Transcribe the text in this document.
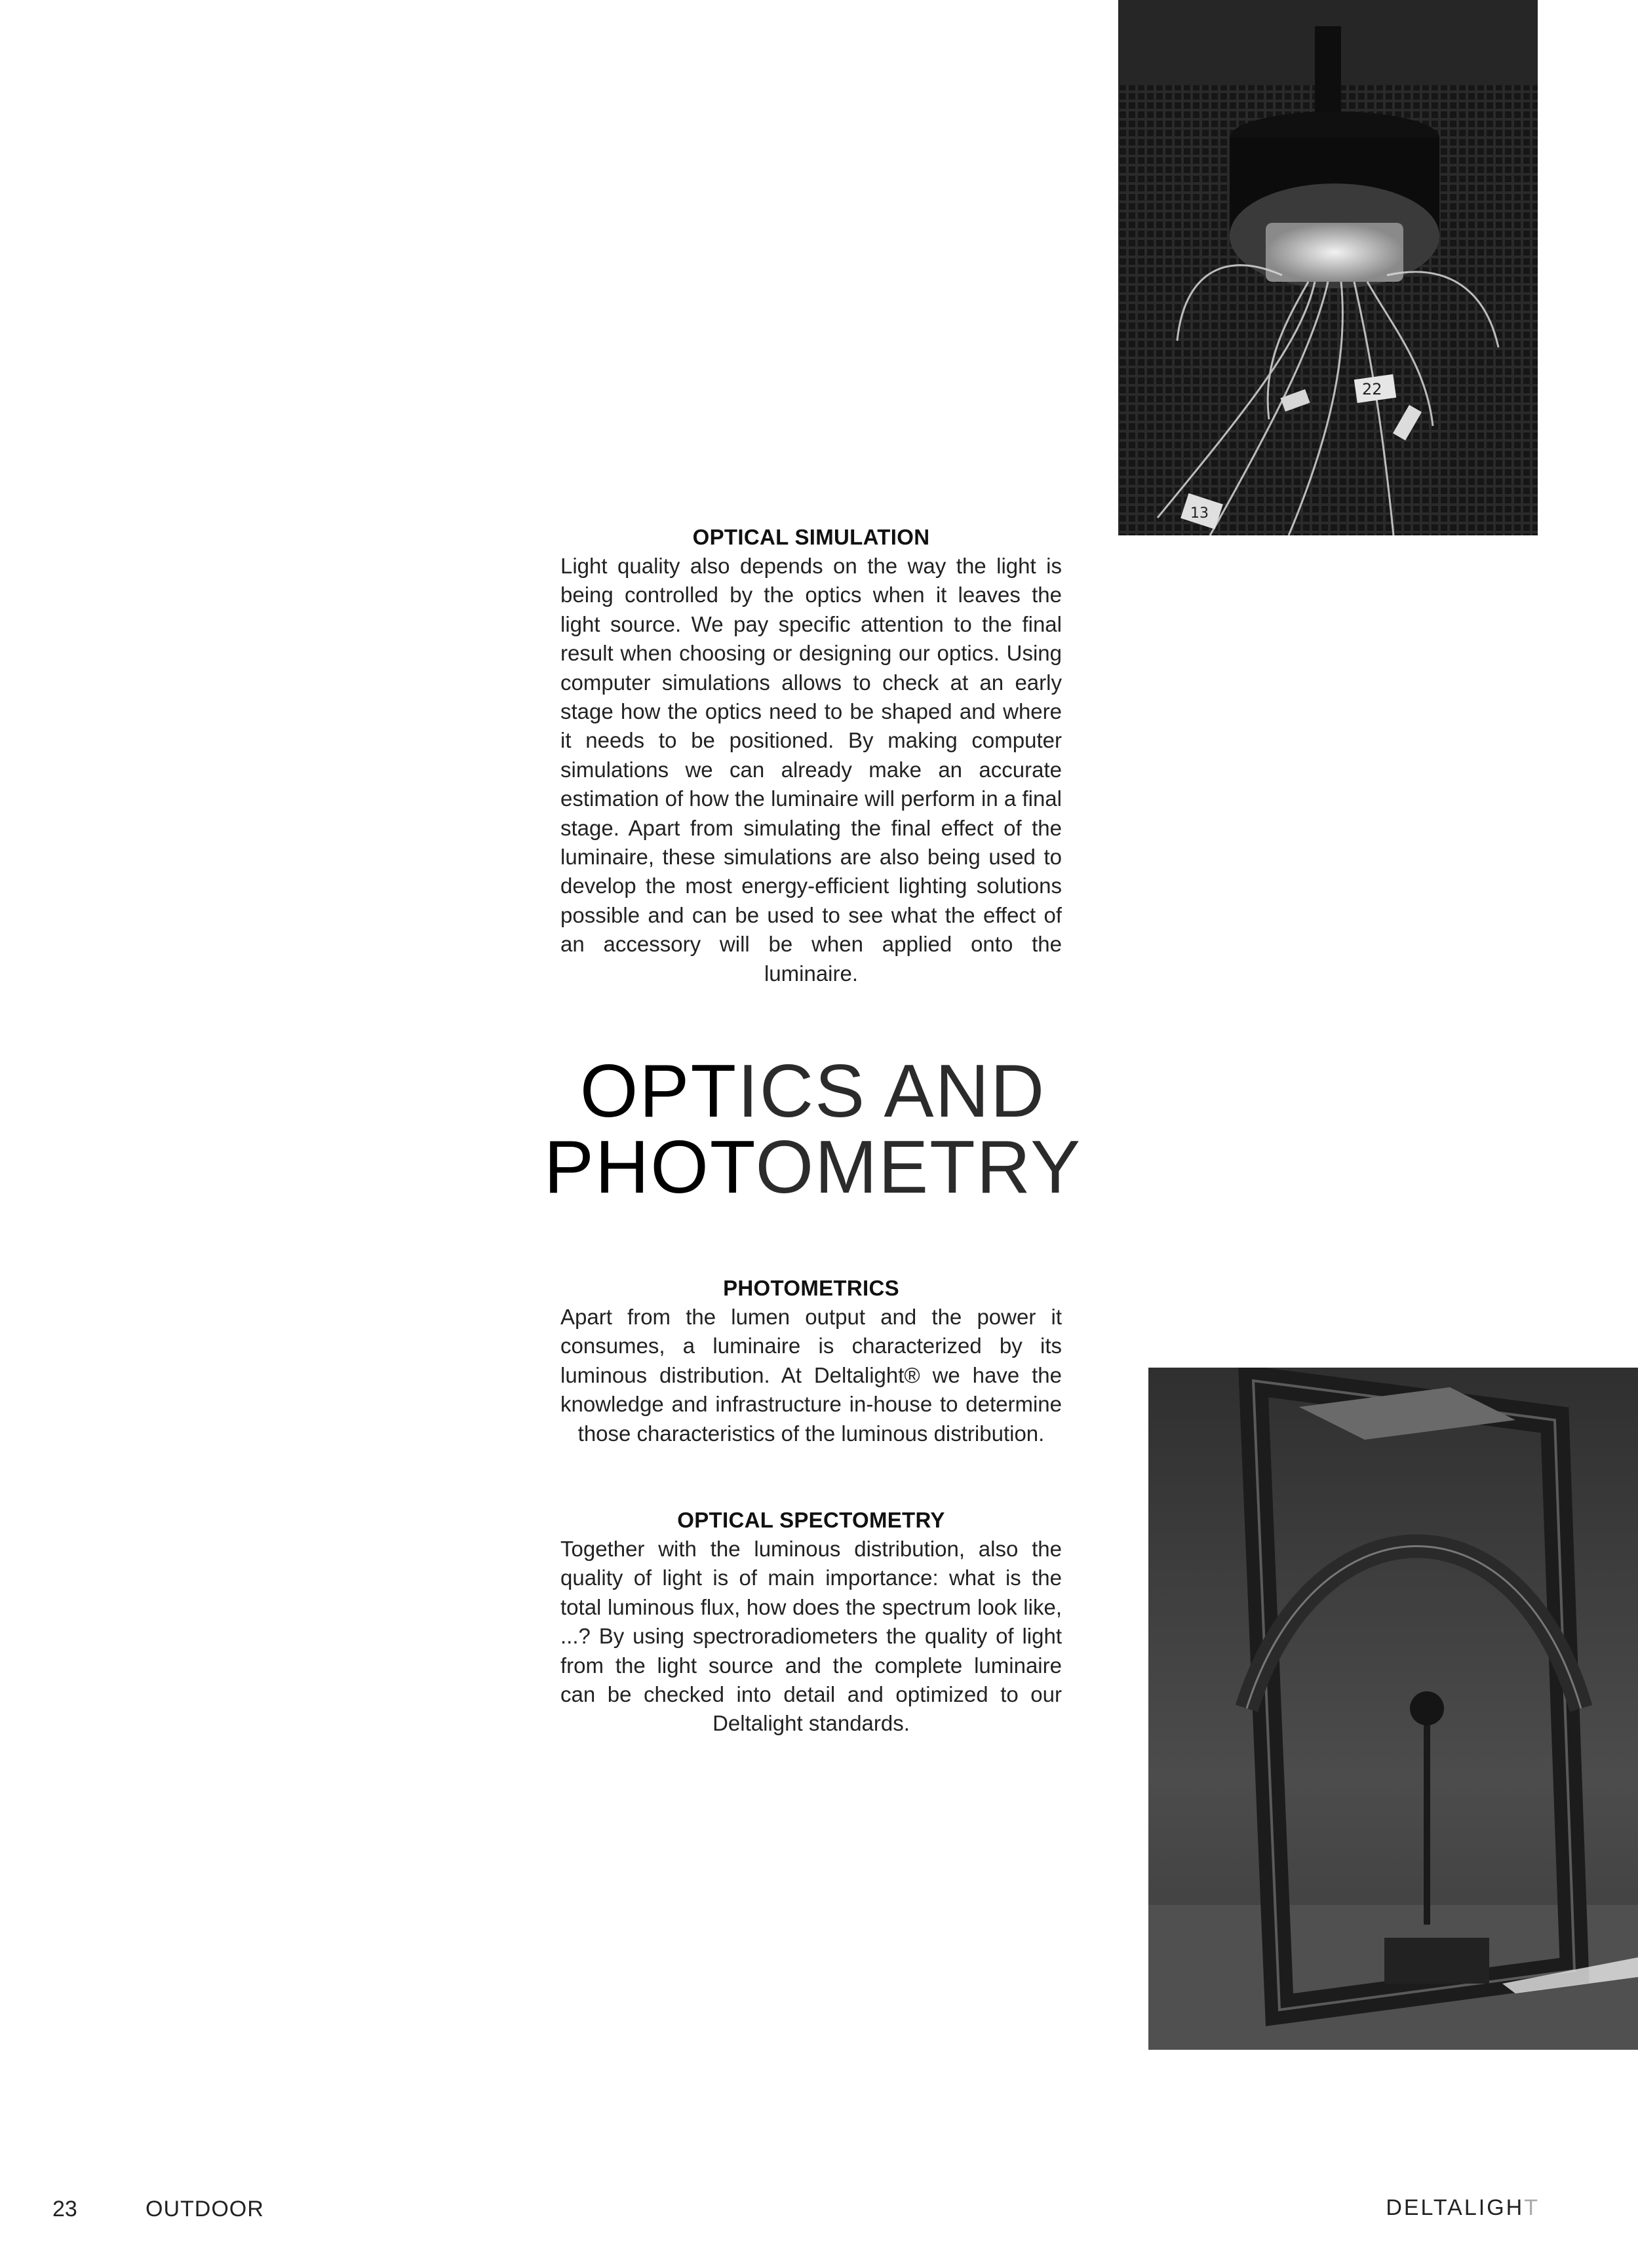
22
13
OPTICAL SIMULATION

Light quality also depends on the way the light is being controlled by the optics when it leaves the light source. We pay specific attention to the final result when choosing or designing our optics. Using computer simulations allows to check at an early stage how the optics need to be shaped and where it needs to be positioned. By making computer simulations we can already make an accurate estimation of how the luminaire will perform in a final stage. Apart from simulating the final effect of the luminaire, these simulations are also being used to develop the most energy-efficient lighting solutions possible and can be used to see what the effect of an accessory will be when applied onto the luminaire.

OPTICS AND
PHOTOMETRY
PHOTOMETRICS

Apart from the lumen output and the power it consumes, a luminaire is characterized by its luminous distribution. At Deltalight® we have the knowledge and infrastructure in-house to determine those characteristics of the luminous distribution.

OPTICAL SPECTOMETRY

Together with the luminous distribution, also the quality of light is of main importance: what is the total luminous flux, how does the spectrum look like, ...? By using spectroradiometers the quality of light from the light source and the complete luminaire can be checked into detail and optimized to our Deltalight standards.

23	OUTDOOR	DELTALIGHT
